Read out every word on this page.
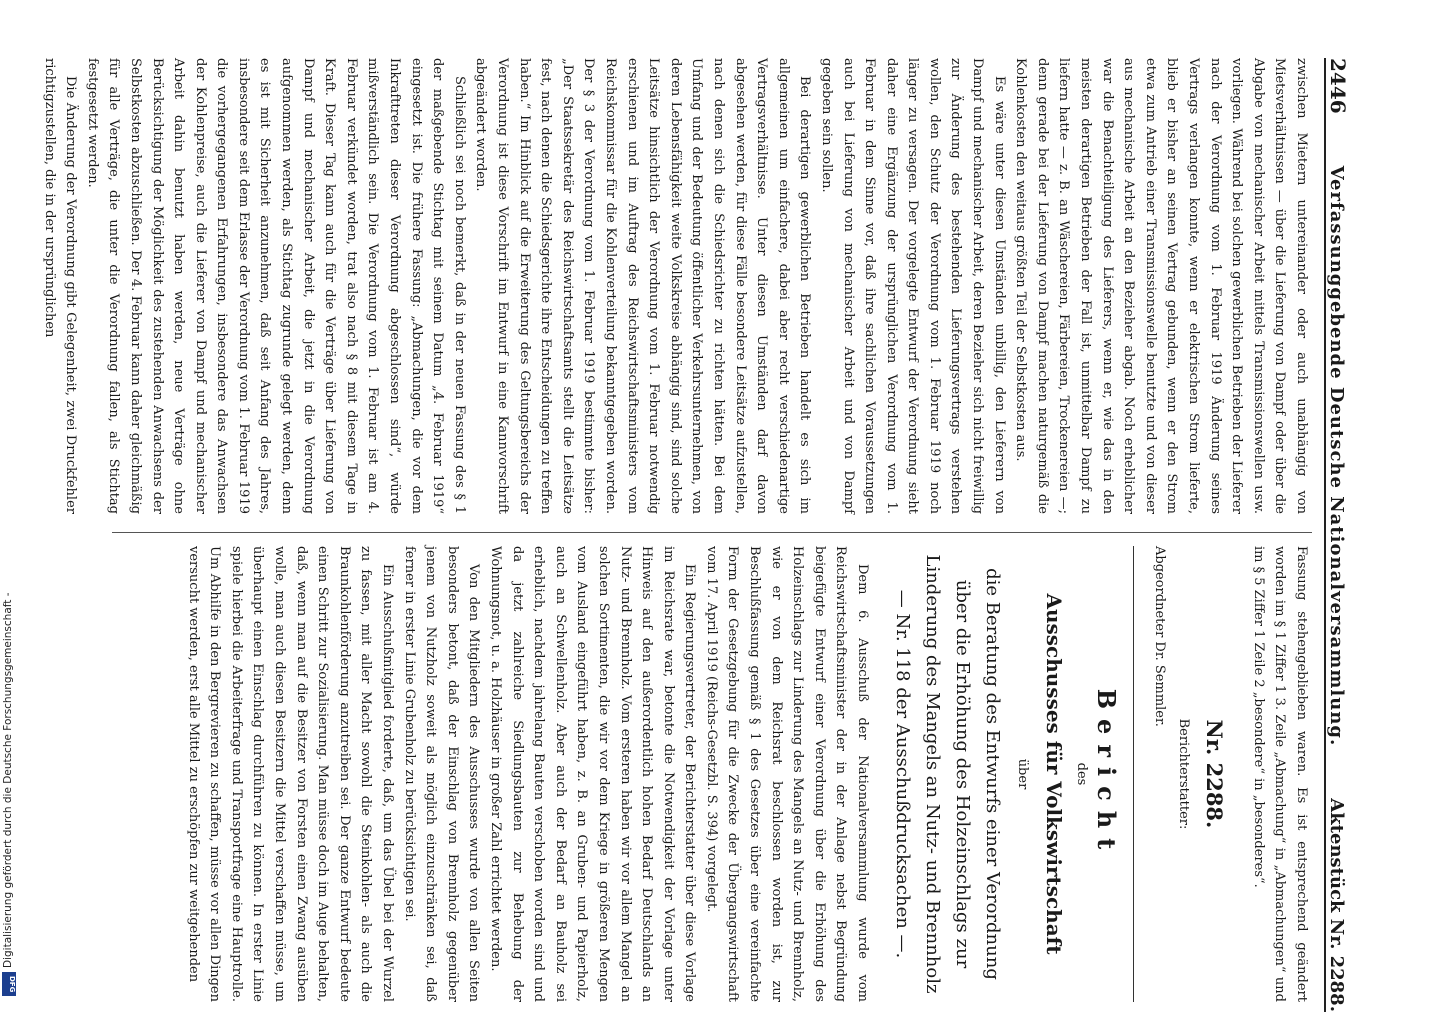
Digitalisierung gefördert durch die Deutsche Forschungsgemeinschaft -
DFG
2446
Verfassunggebende Deutsche Nationalversammlung.
Aktenstück Nr. 2288.

zwischen Mietern untereinander oder auch unabhängig von Mietsverhältnissen — über die Lieferung von Dampf oder über die Abgabe von mechanischer Arbeit mittels Transmissionswellen usw. vorliegen. Während bei solchen gewerblichen Betrieben der Lieferer nach der Verordnung vom 1. Februar 1919 Änderung seines Vertrags verlangen konnte, wenn er elektrischen Strom lieferte, blieb er bisher an seinen Vertrag gebunden, wenn er den Strom etwa zum Antrieb einer Transmissionswelle benutzte und von dieser aus mechanische Arbeit an den Bezieher abgab. Noch erheblicher war die Benachteiligung des Lieferers, wenn er, wie das in den meisten derartigen Betrieben der Fall ist, unmittelbar Dampf zu liefern hatte — z. B. an Wäschereien, Färbereien, Trockenereien —; denn gerade bei der Lieferung von Dampf machen naturgemäß die Kohlenkosten den weitaus größten Teil der Selbstkosten aus.

Es wäre unter diesen Umständen unbillig, den Lieferern von Dampf und mechanischer Arbeit, deren Bezieher sich nicht freiwillig zur Änderung des bestehenden Lieferungsvertrags verstehen wollen, den Schutz der Verordnung vom 1. Februar 1919 noch länger zu versagen. Der vorgelegte Entwurf der Verordnung sieht daher eine Ergänzung der ursprünglichen Verordnung vom 1. Februar in dem Sinne vor, daß ihre sachlichen Voraussetzungen auch bei Lieferung von mechanischer Arbeit und von Dampf gegeben sein sollen.

Bei derartigen gewerblichen Betrieben handelt es sich im allgemeinen um einfachere, dabei aber recht verschiedenartige Vertragsverhältnisse. Unter diesen Umständen darf davon abgesehen werden, für diese Fälle besondere Leitsätze aufzustellen, nach denen sich die Schiedsrichter zu richten hätten. Bei dem Umfang und der Bedeutung öffentlicher Verkehrsunternehmen, von deren Lebensfähigkeit weite Volkskreise abhängig sind, sind solche Leitsätze hinsichtlich der Verordnung vom 1. Februar notwendig erschienen und im Auftrag des Reichswirtschaftsministers vom Reichskommissar für die Kohlenverteilung bekanntgegeben worden. Der § 3 der Verordnung vom 1. Februar 1919 bestimmte bisher: „Der Staatssekretär des Reichswirtschaftsamts stellt die Leitsätze fest, nach denen die Schiedsgerichte ihre Entscheidungen zu treffen haben.“ Im Hinblick auf die Erweiterung des Geltungsbereichs der Verordnung ist diese Vorschrift im Entwurf in eine Kannvorschrift abgeändert worden.

Schließlich sei noch bemerkt, daß in der neuen Fassung des § 1 der maßgebende Stichtag mit seinem Datum „4. Februar 1919“ eingesetzt ist. Die frühere Fassung: „Abmachungen, die vor dem Inkrafttreten dieser Verordnung abgeschlossen sind“, würde mißverständlich sein. Die Verordnung vom 1. Februar ist am 4. Februar verkündet worden, trat also nach § 8 mit diesem Tage in Kraft. Dieser Tag kann auch für die Verträge über Lieferung von Dampf und mechanischer Arbeit, die jetzt in die Verordnung aufgenommen werden, als Stichtag zugrunde gelegt werden, denn es ist mit Sicherheit anzunehmen, daß seit Anfang des Jahres, insbesondere seit dem Erlasse der Verordnung vom 1. Februar 1919 die vorhergegangenen Erfahrungen, insbesondere das Anwachsen der Kohlenpreise, auch die Lieferer von Dampf und mechanischer Arbeit dahin benutzt haben werden, neue Verträge ohne Berücksichtigung der Möglichkeit des zustehenden Anwachsens der Selbstkosten abzuschließen. Der 4. Februar kann daher gleichmäßig für alle Verträge, die unter die Verordnung fallen, als Stichtag festgesetzt werden.

Die Änderung der Verordnung gibt Gelegenheit, zwei Druckfehler richtigzustellen, die in der ursprünglichen

Fassung stehengeblieben waren. Es ist entsprechend geändert worden im § 1 Ziffer 1 3. Zeile „Abmachung“ in „Abmachungen“ und im § 5 Ziffer 1 Zeile 2 „besondere“ in „besonderes“.

Nr. 2288.
Berichterstatter:
Abgeordneter Dr. Semmler.
Bericht
des
Ausschusses für Volkswirtschaft
über
die Beratung des Entwurfs einer Verordnung über die Erhöhung des Holzeinschlags zur Linderung des Mangels an Nutz- und Brennholz — Nr. 118 der Ausschußdrucksachen —.

Dem 6. Ausschuß der Nationalversammlung wurde vom Reichswirtschaftsminister der in der Anlage nebst Begründung beigefügte Entwurf einer Verordnung über die Erhöhung des Holzeinschlags zur Linderung des Mangels an Nutz- und Brennholz, wie er von dem Reichsrat beschlossen worden ist, zur Beschlußfassung gemäß § 1 des Gesetzes über eine vereinfachte Form der Gesetzgebung für die Zwecke der Übergangswirtschaft vom 17. April 1919 (Reichs-Gesetzbl. S. 394) vorgelegt.

Ein Regierungsvertreter, der Berichterstatter über diese Vorlage im Reichsrate war, betonte die Notwendigkeit der Vorlage unter Hinweis auf den außerordentlich hohen Bedarf Deutschlands an Nutz- und Brennholz. Vom ersteren haben wir vor allem Mangel an solchen Sortimenten, die wir vor dem Kriege in größeren Mengen vom Ausland eingeführt haben, z. B. an Gruben- und Papierholz, auch an Schwellenholz. Aber auch der Bedarf an Bauholz sei erheblich, nachdem jahrelang Bauten verschoben worden sind und da jetzt zahlreiche Siedlungsbauten zur Behebung der Wohnungsnot, u. a. Holzhäuser in großer Zahl errichtet werden.

Von den Mitgliedern des Ausschusses wurde von allen Seiten besonders betont, daß der Einschlag von Brennholz gegenüber jenem von Nutzholz soweit als möglich einzuschränken sei, daß ferner in erster Linie Grubenholz zu berücksichtigen sei.

Ein Ausschußmitglied forderte, daß, um das Übel bei der Wurzel zu fassen, mit aller Macht sowohl die Steinkohlen- als auch die Braunkohlenförderung anzutreiben sei. Der ganze Entwurf bedeute einen Schritt zur Sozialisierung. Man müsse doch im Auge behalten, daß, wenn man auf die Besitzer von Forsten einen Zwang ausüben wolle, man auch diesen Besitzern die Mittel verschaffen müsse, um überhaupt einen Einschlag durchführen zu können. In erster Linie spiele hierbei die Arbeiterfrage und Transportfrage eine Hauptrolle. Um Abhilfe in den Bergrevieren zu schaffen, müsse vor allen Dingen versucht werden, erst alle Mittel zu erschöpfen zur weitgehenden
